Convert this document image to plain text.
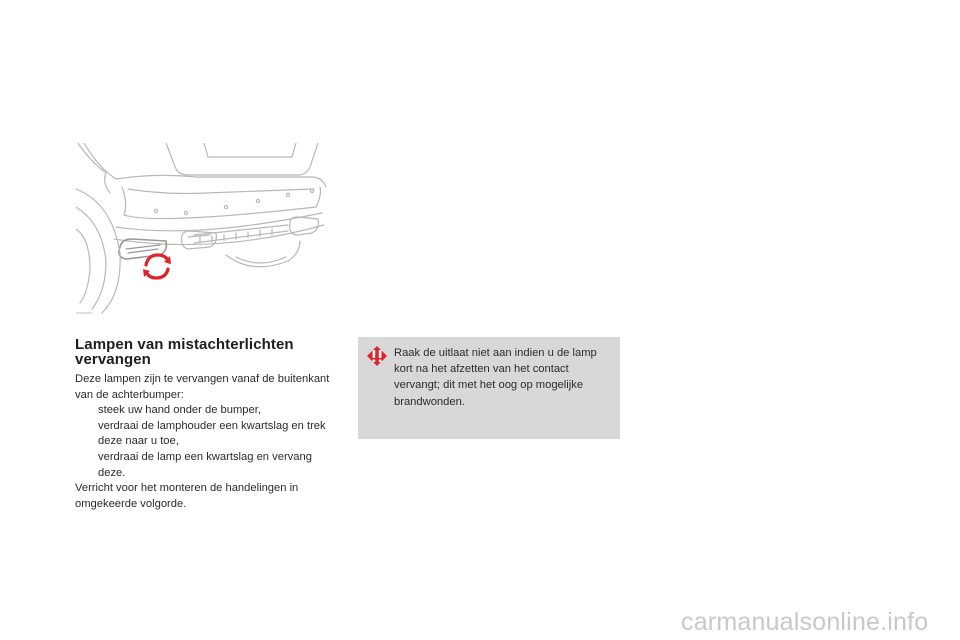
Lampen van mistachterlichten vervangen

Deze lampen zijn te vervangen vanaf de buitenkant van de achterbumper:

steek uw hand onder de bumper,
verdraai de lamphouder een kwartslag en trek deze naar u toe,
verdraai de lamp een kwartslag en vervang deze.

Verricht voor het monteren de handelingen in omgekeerde volgorde.

Raak de uitlaat niet aan indien u de lamp kort na het afzetten van het contact vervangt; dit met het oog op mogelijke brandwonden.

carmanualsonline.info
